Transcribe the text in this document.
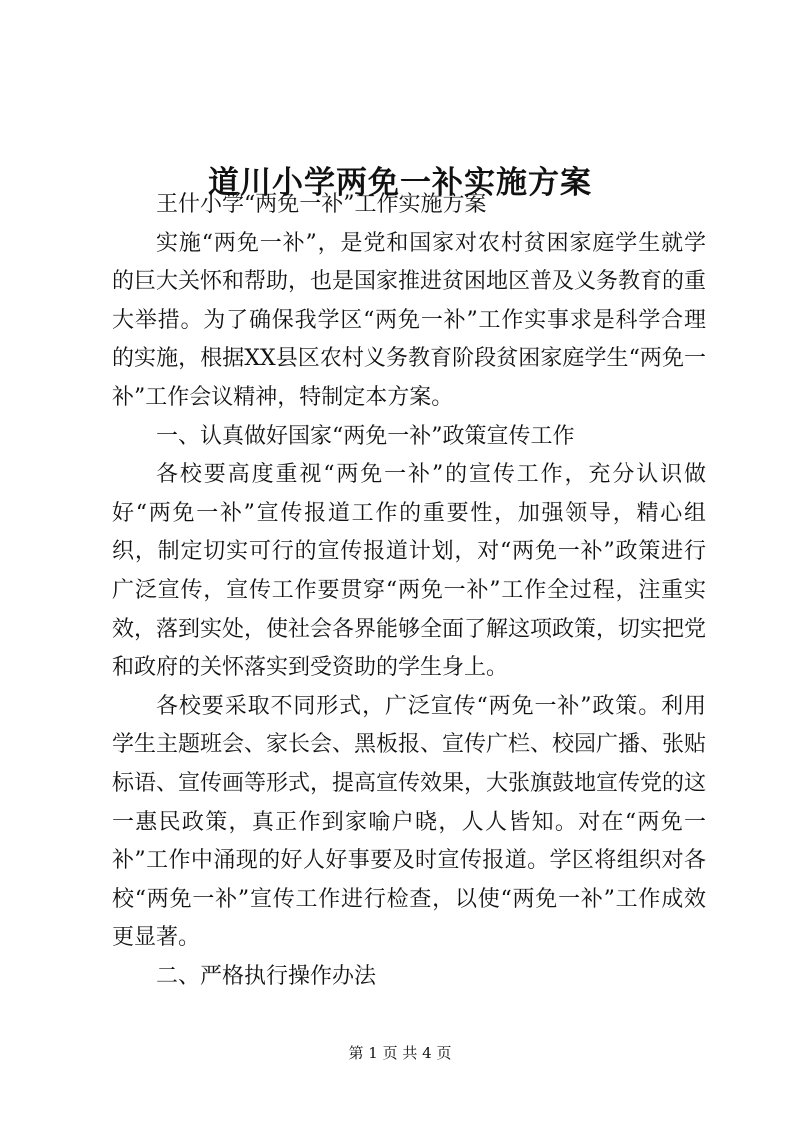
道川小学两免一补实施方案

王什小学“两免一补”工作实施方案

实施“两免一补”，是党和国家对农村贫困家庭学生就学的巨大关怀和帮助，也是国家推进贫困地区普及义务教育的重大举措。为了确保我学区“两免一补”工作实事求是科学合理的实施，根据XX县区农村义务教育阶段贫困家庭学生“两免一补”工作会议精神，特制定本方案。

一、认真做好国家“两免一补”政策宣传工作

各校要高度重视“两免一补”的宣传工作，充分认识做好“两免一补”宣传报道工作的重要性，加强领导，精心组织，制定切实可行的宣传报道计划，对“两免一补”政策进行广泛宣传，宣传工作要贯穿“两免一补”工作全过程，注重实效，落到实处，使社会各界能够全面了解这项政策，切实把党和政府的关怀落实到受资助的学生身上。

各校要采取不同形式，广泛宣传“两免一补”政策。利用学生主题班会、家长会、黑板报、宣传广栏、校园广播、张贴标语、宣传画等形式，提高宣传效果，大张旗鼓地宣传党的这一惠民政策，真正作到家喻户晓，人人皆知。对在“两免一补”工作中涌现的好人好事要及时宣传报道。学区将组织对各校“两免一补”宣传工作进行检查，以使“两免一补”工作成效更显著。

二、严格执行操作办法

第 1 页 共 4 页
